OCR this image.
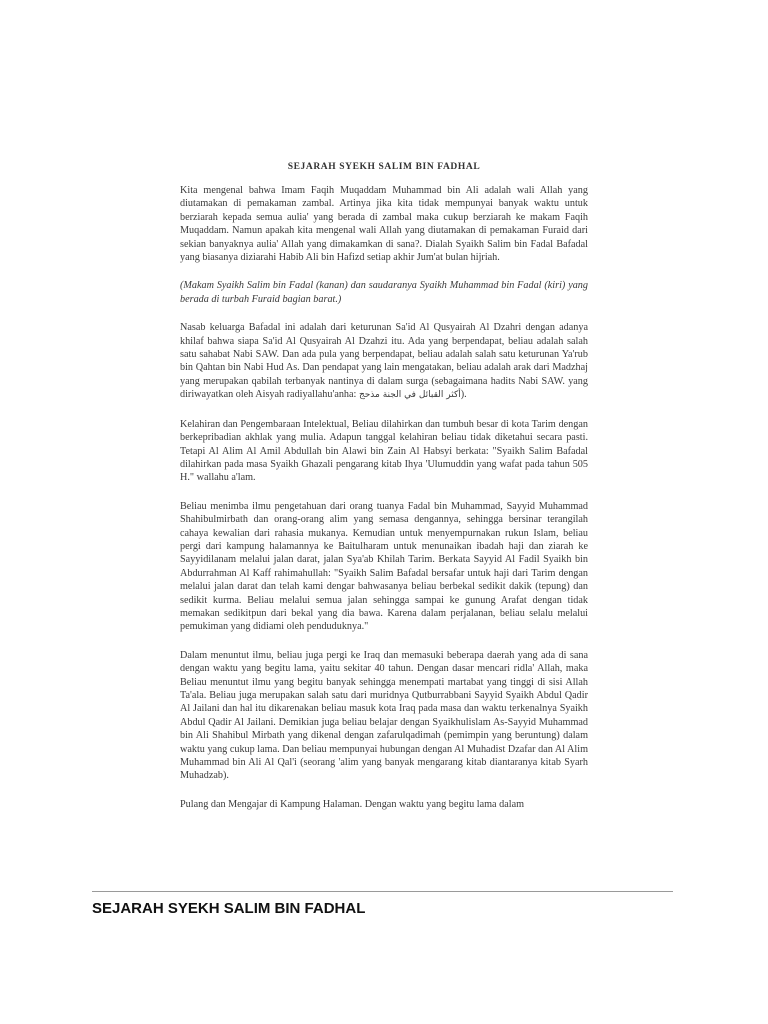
SEJARAH SYEKH SALIM BIN FADHAL

Kita mengenal bahwa Imam Faqih Muqaddam Muhammad bin Ali adalah wali Allah yang diutamakan di pemakaman zambal. Artinya jika kita tidak mempunyai banyak waktu untuk berziarah kepada semua aulia' yang berada di zambal maka cukup berziarah ke makam Faqih Muqaddam. Namun apakah kita mengenal wali Allah yang diutamakan di pemakaman Furaid dari sekian banyaknya aulia' Allah yang dimakamkan di sana?. Dialah Syaikh Salim bin Fadal Bafadal yang biasanya diziarahi Habib Ali bin Hafizd setiap akhir Jum'at bulan hijriah.

(Makam Syaikh Salim bin Fadal (kanan) dan saudaranya Syaikh Muhammad bin Fadal (kiri) yang berada di turbah Furaid bagian barat.)

Nasab keluarga Bafadal ini adalah dari keturunan Sa'id Al Qusyairah Al Dzahri dengan adanya khilaf bahwa siapa Sa'id Al Qusyairah Al Dzahzi itu. Ada yang berpendapat, beliau adalah salah satu sahabat Nabi SAW. Dan ada pula yang berpendapat, beliau adalah salah satu keturunan Ya'rub bin Qahtan bin Nabi Hud As. Dan pendapat yang lain mengatakan, beliau adalah arak dari Madzhaj yang merupakan qabilah terbanyak nantinya di dalam surga (sebagaimana hadits Nabi SAW. yang diriwayatkan oleh Aisyah radiyallahu'anha: أكثر القبائل في الجنة مذحج).

Kelahiran dan Pengembaraan Intelektual, Beliau dilahirkan dan tumbuh besar di kota Tarim dengan berkepribadian akhlak yang mulia. Adapun tanggal kelahiran beliau tidak diketahui secara pasti. Tetapi Al Alim Al Amil Abdullah bin Alawi bin Zain Al Habsyi berkata: "Syaikh Salim Bafadal dilahirkan pada masa Syaikh Ghazali pengarang kitab Ihya 'Ulumuddin yang wafat pada tahun 505 H." wallahu a'lam.

Beliau menimba ilmu pengetahuan dari orang tuanya Fadal bin Muhammad, Sayyid Muhammad Shahibulmirbath dan orang-orang alim yang semasa dengannya, sehingga bersinar terangilah cahaya kewalian dari rahasia mukanya. Kemudian untuk menyempurnakan rukun Islam, beliau pergi dari kampung halamannya ke Baitulharam untuk menunaikan ibadah haji dan ziarah ke Sayyidilanam melalui jalan darat, jalan Sya'ab Khilah Tarim. Berkata Sayyid Al Fadil Syaikh bin Abdurrahman Al Kaff rahimahullah: "Syaikh Salim Bafadal bersafar untuk haji dari Tarim dengan melalui jalan darat dan telah kami dengar bahwasanya beliau berbekal sedikit dakik (tepung) dan sedikit kurma. Beliau melalui semua jalan sehingga sampai ke gunung Arafat dengan tidak memakan sedikitpun dari bekal yang dia bawa. Karena dalam perjalanan, beliau selalu melalui pemukiman yang didiami oleh penduduknya."

Dalam menuntut ilmu, beliau juga pergi ke Iraq dan memasuki beberapa daerah yang ada di sana dengan waktu yang begitu lama, yaitu sekitar 40 tahun. Dengan dasar mencari ridla' Allah, maka Beliau menuntut ilmu yang begitu banyak sehingga menempati martabat yang tinggi di sisi Allah Ta'ala. Beliau juga merupakan salah satu dari muridnya Qutburrabbani Sayyid Syaikh Abdul Qadir Al Jailani dan hal itu dikarenakan beliau masuk kota Iraq pada masa dan waktu terkenalnya Syaikh Abdul Qadir Al Jailani. Demikian juga beliau belajar dengan Syaikhulislam As-Sayyid Muhammad bin Ali Shahibul Mirbath yang dikenal dengan zafarulqadimah (pemimpin yang beruntung) dalam waktu yang cukup lama. Dan beliau mempunyai hubungan dengan Al Muhadist Dzafar dan Al Alim Muhammad bin Ali Al Qal'i (seorang 'alim yang banyak mengarang kitab diantaranya kitab Syarh Muhadzab).

Pulang dan Mengajar di Kampung Halaman. Dengan waktu yang begitu lama dalam

SEJARAH SYEKH SALIM BIN FADHAL
